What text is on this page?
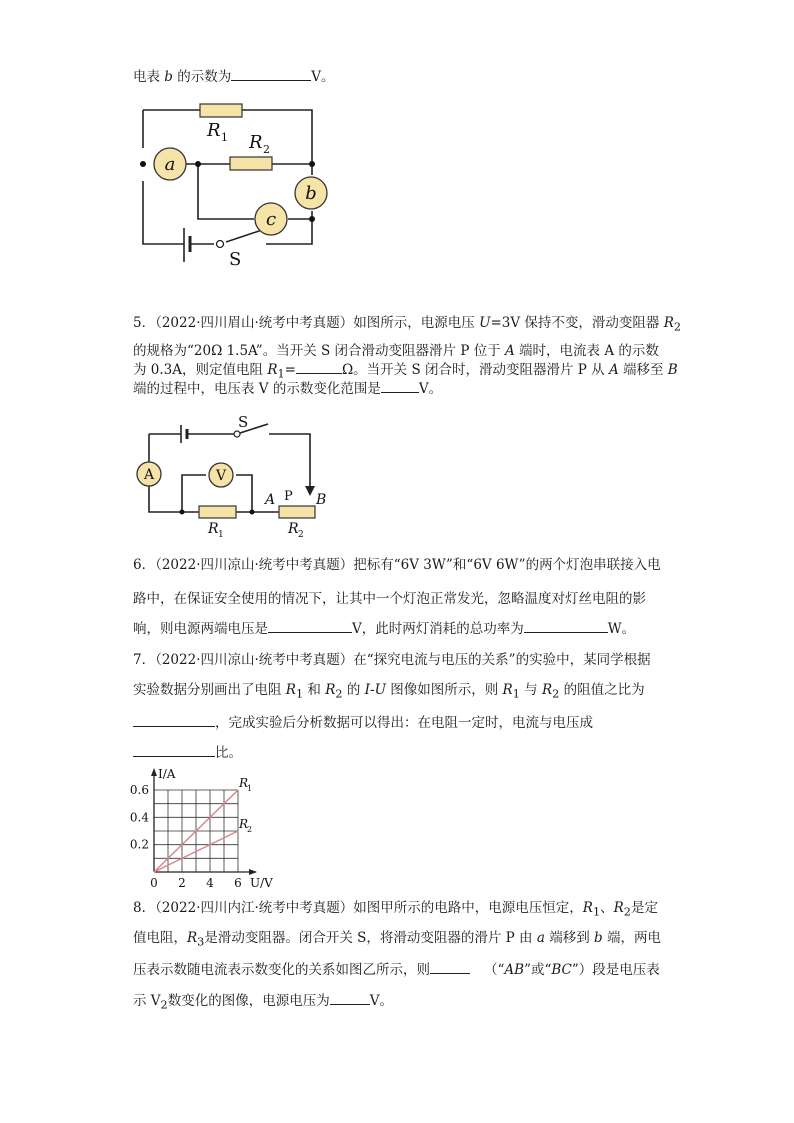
电表 b 的示数为	V。
R 1 R 2
a
b
c
S
5．（2022·四川眉山·统考中考真题）如图所示，电源电压 U=3V 保持不变，滑动变阻器 $R_2$
的规格为“20Ω 1.5A”。当开关 S 闭合滑动变阻器滑片 P 位于 A 端时，电流表 A 的示数
为 0.3A，则定值电阻 $R_1=$	Ω。当开关 S 闭合时，滑动变阻器滑片 P 从 A 端移至 B
端的过程中，电压表 V 的示数变化范围是	V。
S
A	V
A P B
R 1	R 2
6．（2022·四川凉山·统考中考真题）把标有“6V 3W”和“6V 6W”的两个灯泡串联接入电
路中，在保证安全使用的情况下，让其中一个灯泡正常发光，忽略温度对灯丝电阻的影
响，则电源两端电压是	V，此时两灯消耗的总功率为	W。
7．（2022·四川凉山·统考中考真题）在“探究电流与电压的关系”的实验中，某同学根据
实验数据分别画出了电阻 $R_1$ 和 $R_2$ 的 I-U 图像如图所示，则 $R_1$ 与 $R_2$ 的阻值之比为
，完成实验后分析数据可以得出：在电阻一定时，电流与电压成
比。
R
1
R
2
0 2 4 6
0.2
0.4
0.6
I/A
U/V
8．（2022·四川内江·统考中考真题）如图甲所示的电路中，电源电压恒定，$R_1$、$R_2$是定
值电阻，$R_3$是滑动变阻器。闭合开关 S，将滑动变阻器的滑片 P 由 a 端移到 b 端，两电
压表示数随电流表示数变化的关系如图乙所示，则	（“AB”或“BC”）段是电压表
示 $V_2$数变化的图像，电源电压为	V。
